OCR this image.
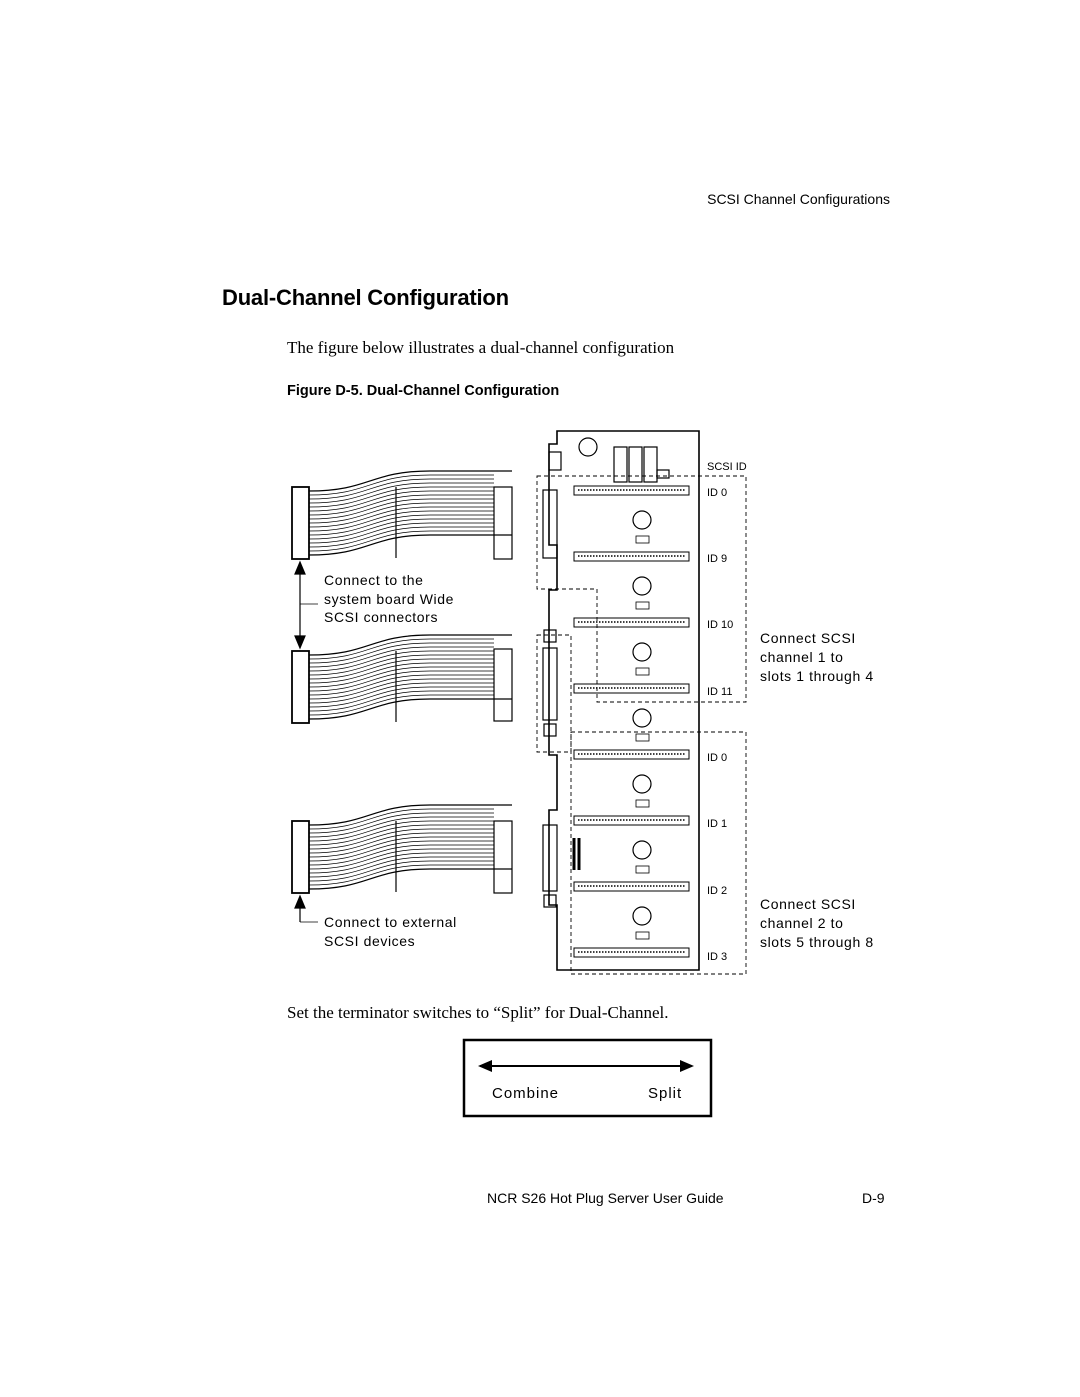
SCSI Channel Configurations
Dual-Channel Configuration
The figure below illustrates a dual-channel configuration
Figure D-5. Dual-Channel Configuration
SCSI ID
ID 0
ID 9
ID 10
ID 11
ID 0
ID 1
ID 2
ID 3
Connect to the
system board Wide
SCSI connectors
Connect to external
SCSI devices
Connect SCSI
channel 1 to
slots 1 through 4
Connect SCSI
channel 2 to
slots 5 through 8
Combine	Split
Set the terminator switches to “Split” for Dual-Channel.
NCR S26 Hot Plug Server User Guide	D-9
